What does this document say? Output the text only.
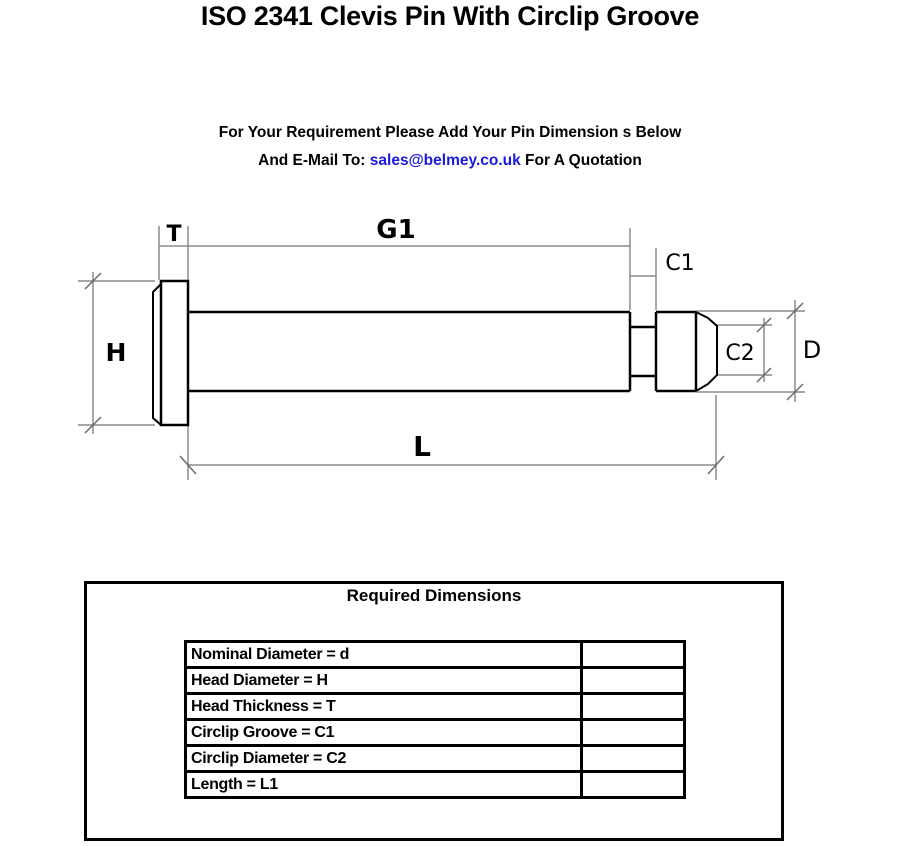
ISO 2341 Clevis Pin With Circlip Groove
For Your Requirement Please Add Your Pin Dimension s Below
And E-Mail To: sales@belmey.co.uk For A Quotation
T	G1
C1
H	C2 D
L
Required Dimensions
Nominal Diameter = d	
Head Diameter = H	
Head Thickness = T	
Circlip Groove = C1	
Circlip Diameter = C2	
Length = L1	
